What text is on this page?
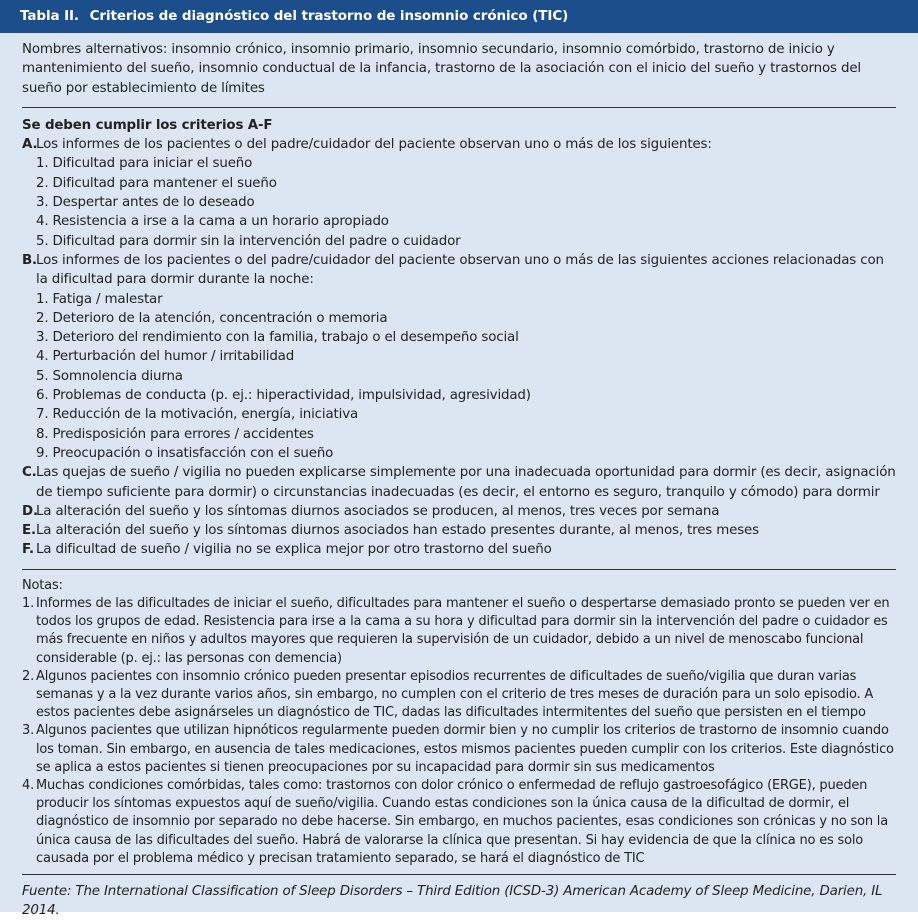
Tabla II. Criterios de diagnóstico del trastorno de insomnio crónico (TIC)
Nombres alternativos: insomnio crónico, insomnio primario, insomnio secundario, insomnio comórbido, trastorno de inicio y mantenimiento del sueño, insomnio conductual de la infancia, trastorno de la asociación con el inicio del sueño y trastornos del sueño por establecimiento de límites
Se deben cumplir los criterios A-F
A.
Los informes de los pacientes o del padre/cuidador del paciente observan uno o más de los siguientes:
1. Dificultad para iniciar el sueño
2. Dificultad para mantener el sueño
3. Despertar antes de lo deseado
4. Resistencia a irse a la cama a un horario apropiado
5. Dificultad para dormir sin la intervención del padre o cuidador
B. Los informes de los pacientes o del padre/cuidador del paciente observan uno o más de las siguientes acciones relacionadas con la dificultad para dormir durante la noche:
1. Fatiga / malestar
2. Deterioro de la atención, concentración o memoria
3. Deterioro del rendimiento con la familia, trabajo o el desempeño social
4. Perturbación del humor / irritabilidad
5. Somnolencia diurna
6. Problemas de conducta (p. ej.: hiperactividad, impulsividad, agresividad)
7. Reducción de la motivación, energía, iniciativa
8. Predisposición para errores / accidentes
9. Preocupación o insatisfacción con el sueño
C. Las quejas de sueño / vigilia no pueden explicarse simplemente por una inadecuada oportunidad para dormir (es decir, asignación de tiempo suficiente para dormir) o circunstancias inadecuadas (es decir, el entorno es seguro, tranquilo y cómodo) para dormir
D.
La alteración del sueño y los síntomas diurnos asociados se producen, al menos, tres veces por semana
E. La alteración del sueño y los síntomas diurnos asociados han estado presentes durante, al menos, tres meses
F. La dificultad de sueño / vigilia no se explica mejor por otro trastorno del sueño
Notas:
1. Informes de las dificultades de iniciar el sueño, dificultades para mantener el sueño o despertarse demasiado pronto se pueden ver en todos los grupos de edad. Resistencia para irse a la cama a su hora y dificultad para dormir sin la intervención del padre o cuidador es más frecuente en niños y adultos mayores que requieren la supervisión de un cuidador, debido a un nivel de menoscabo funcional considerable (p. ej.: las personas con demencia)
2. Algunos pacientes con insomnio crónico pueden presentar episodios recurrentes de dificultades de sueño/vigilia que duran varias semanas y a la vez durante varios años, sin embargo, no cumplen con el criterio de tres meses de duración para un solo episodio. A estos pacientes debe asignárseles un diagnóstico de TIC, dadas las dificultades intermitentes del sueño que persisten en el tiempo
3. Algunos pacientes que utilizan hipnóticos regularmente pueden dormir bien y no cumplir los criterios de trastorno de insomnio cuando los toman. Sin embargo, en ausencia de tales medicaciones, estos mismos pacientes pueden cumplir con los criterios. Este diagnóstico se aplica a estos pacientes si tienen preocupaciones por su incapacidad para dormir sin sus medicamentos
4. Muchas condiciones comórbidas, tales como: trastornos con dolor crónico o enfermedad de reflujo gastroesofágico (ERGE), pueden producir los síntomas expuestos aquí de sueño/vigilia. Cuando estas condiciones son la única causa de la dificultad de dormir, el diagnóstico de insomnio por separado no debe hacerse. Sin embargo, en muchos pacientes, esas condiciones son crónicas y no son la única causa de las dificultades del sueño. Habrá de valorarse la clínica que presentan. Si hay evidencia de que la clínica no es solo causada por el problema médico y precisan tratamiento separado, se hará el diagnóstico de TIC
Fuente: The International Classification of Sleep Disorders – Third Edition (ICSD-3) American Academy of Sleep Medicine, Darien, IL 2014.
